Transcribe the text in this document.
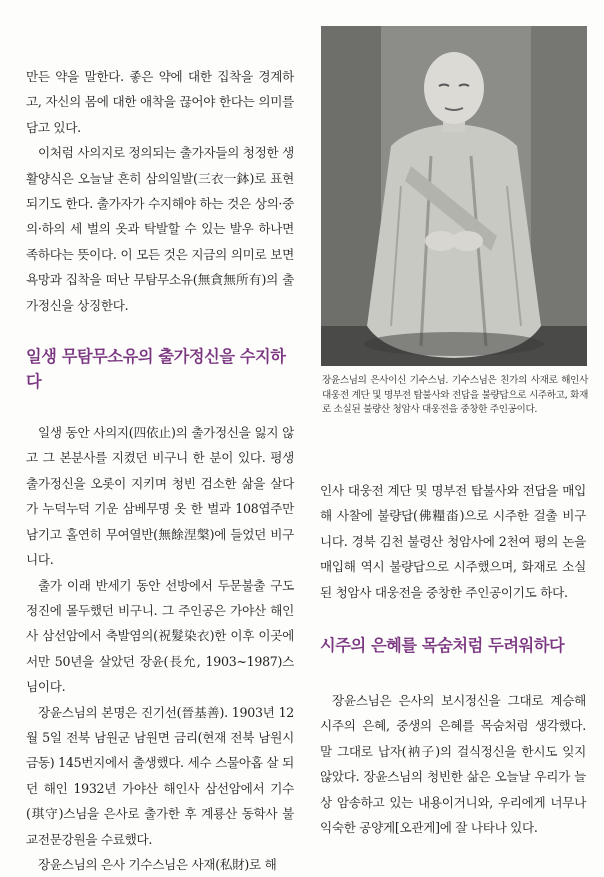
만든 약을 말한다. 좋은 약에 대한 집착을 경계하고, 자신의 몸에 대한 애착을 끊어야 한다는 의미를 담고 있다.

이처럼 사의지로 정의되는 출가자들의 청정한 생활양식은 오늘날 흔히 삼의일발(三衣一鉢)로 표현되기도 한다. 출가자가 수지해야 하는 것은 상의·중의·하의 세 벌의 옷과 탁발할 수 있는 발우 하나면 족하다는 뜻이다. 이 모든 것은 지금의 의미로 보면 욕망과 집착을 떠난 무탐무소유(無貪無所有)의 출가정신을 상징한다.

일생 무탐무소유의 출가정신을 수지하다

일생 동안 사의지(四依止)의 출가정신을 잃지 않고 그 본분사를 지켰던 비구니 한 분이 있다. 평생 출가정신을 오롯이 지키며 청빈 검소한 삶을 살다가 누덕누덕 기운 삼베무명 옷 한 벌과 108엽주만 남기고 홀연히 무여열반(無餘涅槃)에 들었던 비구니다.

출가 이래 반세기 동안 선방에서 두문불출 구도정진에 몰두했던 비구니. 그 주인공은 가야산 해인사 삼선암에서 축발염의(祝髮染衣)한 이후 이곳에서만 50년을 살았던 장윤(長允, 1903~1987)스님이다.

장윤스님의 본명은 진기선(晉基善). 1903년 12월 5일 전북 남원군 남원면 금리(현재 전북 남원시 금동) 145번지에서 출생했다. 세수 스물아홉 살 되던 해인 1932년 가야산 해인사 삼선암에서 기수(琪守)스님을 은사로 출가한 후 계룡산 동학사 불교전문강원을 수료했다.

장윤스님의 은사 기수스님은 사재(私財)로 해

장윤스님의 은사이신 기수스님. 기수스님은 친가의 사재로 해인사 대웅전 계단 및 명부전 탑불사와 전답을 불량답으로 시주하고, 화재로 소실된 불량산 청암사 대웅전을 중창한 주인공이다.

인사 대웅전 계단 및 명부전 탑불사와 전답을 매입해 사찰에 불량답(佛糧畓)으로 시주한 걸출 비구니다. 경북 김천 불령산 청암사에 2천여 평의 논을 매입해 역시 불량답으로 시주했으며, 화재로 소실된 청암사 대웅전을 중창한 주인공이기도 하다.

시주의 은혜를 목숨처럼 두려워하다

장윤스님은 은사의 보시정신을 그대로 계승해 시주의 은혜, 중생의 은혜를 목숨처럼 생각했다. 말 그대로 납자(衲子)의 걸식정신을 한시도 잊지 않았다. 장윤스님의 청빈한 삶은 오늘날 우리가 늘상 암송하고 있는 내용이거니와, 우리에게 너무나 익숙한 공양게[오관게]에 잘 나타나 있다.
